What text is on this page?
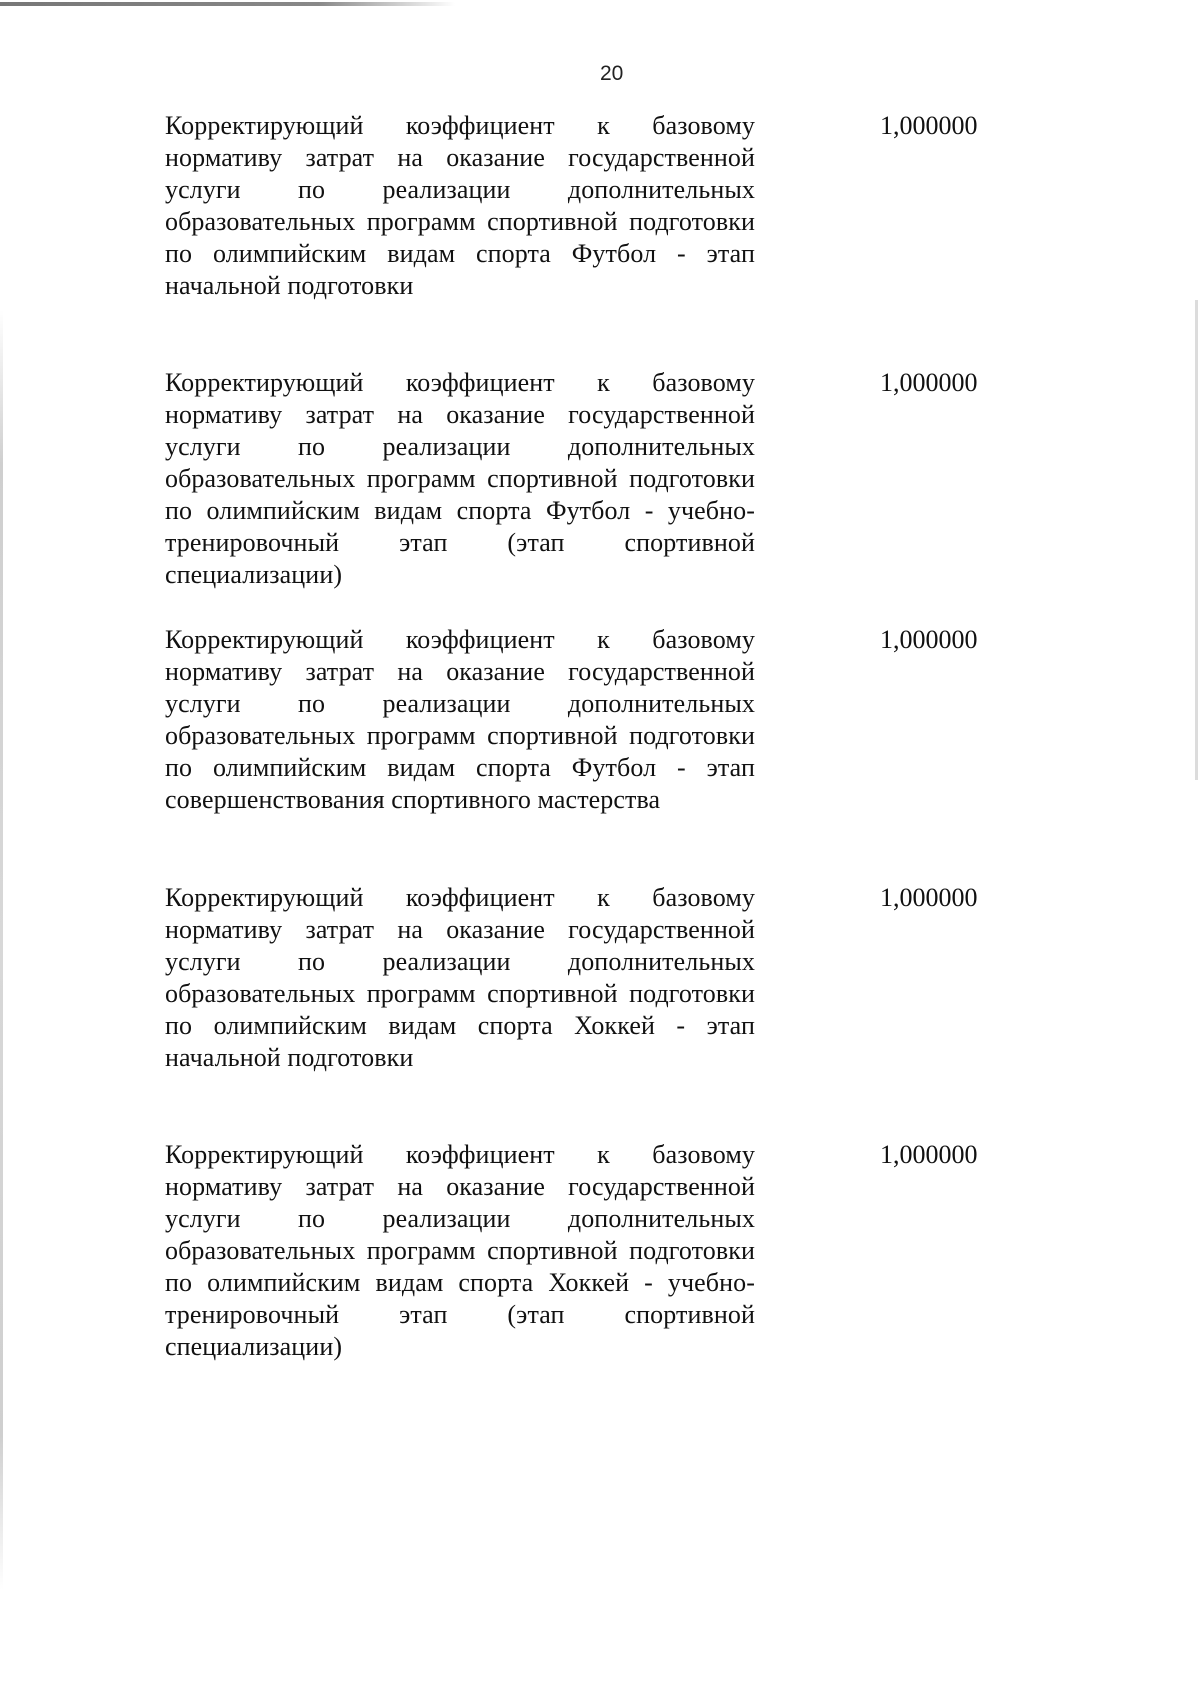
20
Корректирующий коэффициент к базовому нормативу затрат на оказание государственной услуги по реализации дополнительных образовательных программ спортивной подготовки по олимпийским видам спорта Футбол - этап начальной подготовки
1,000000
Корректирующий коэффициент к базовому нормативу затрат на оказание государственной услуги по реализации дополнительных образовательных программ спортивной подготовки по олимпийским видам спорта Футбол - учебно-тренировочный этап (этап спортивной специализации)
1,000000
Корректирующий коэффициент к базовому нормативу затрат на оказание государственной услуги по реализации дополнительных образовательных программ спортивной подготовки по олимпийским видам спорта Футбол - этап совершенствования спортивного мастерства
1,000000
Корректирующий коэффициент к базовому нормативу затрат на оказание государственной услуги по реализации дополнительных образовательных программ спортивной подготовки по олимпийским видам спорта Хоккей - этап начальной подготовки
1,000000
Корректирующий коэффициент к базовому нормативу затрат на оказание государственной услуги по реализации дополнительных образовательных программ спортивной подготовки по олимпийским видам спорта Хоккей - учебно-тренировочный этап (этап спортивной специализации)
1,000000
